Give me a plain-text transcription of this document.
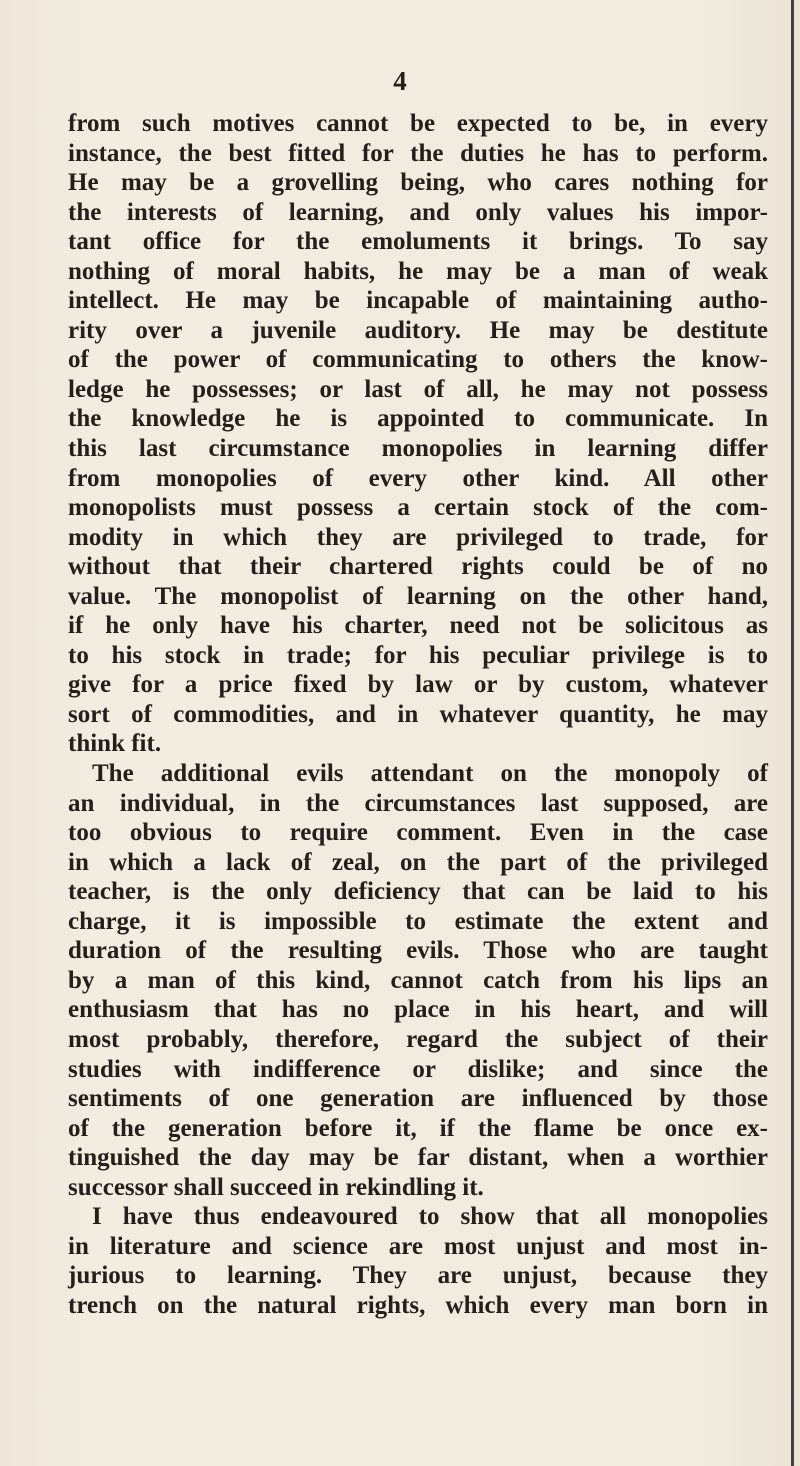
4
from such motives cannot be expected to be, in every
instance, the best fitted for the duties he has to perform.
He may be a grovelling being, who cares nothing for
the interests of learning, and only values his impor-
tant office for the emoluments it brings. To say
nothing of moral habits, he may be a man of weak
intellect. He may be incapable of maintaining autho-
rity over a juvenile auditory. He may be destitute
of the power of communicating to others the know-
ledge he possesses; or last of all, he may not possess
the knowledge he is appointed to communicate. In
this last circumstance monopolies in learning differ
from monopolies of every other kind. All other
monopolists must possess a certain stock of the com-
modity in which they are privileged to trade, for
without that their chartered rights could be of no
value. The monopolist of learning on the other hand,
if he only have his charter, need not be solicitous as
to his stock in trade; for his peculiar privilege is to
give for a price fixed by law or by custom, whatever
sort of commodities, and in whatever quantity, he may
think fit.
The additional evils attendant on the monopoly of
an individual, in the circumstances last supposed, are
too obvious to require comment. Even in the case
in which a lack of zeal, on the part of the privileged
teacher, is the only deficiency that can be laid to his
charge, it is impossible to estimate the extent and
duration of the resulting evils. Those who are taught
by a man of this kind, cannot catch from his lips an
enthusiasm that has no place in his heart, and will
most probably, therefore, regard the subject of their
studies with indifference or dislike; and since the
sentiments of one generation are influenced by those
of the generation before it, if the flame be once ex-
tinguished the day may be far distant, when a worthier
successor shall succeed in rekindling it.
I have thus endeavoured to show that all monopolies
in literature and science are most unjust and most in-
jurious to learning. They are unjust, because they
trench on the natural rights, which every man born in
